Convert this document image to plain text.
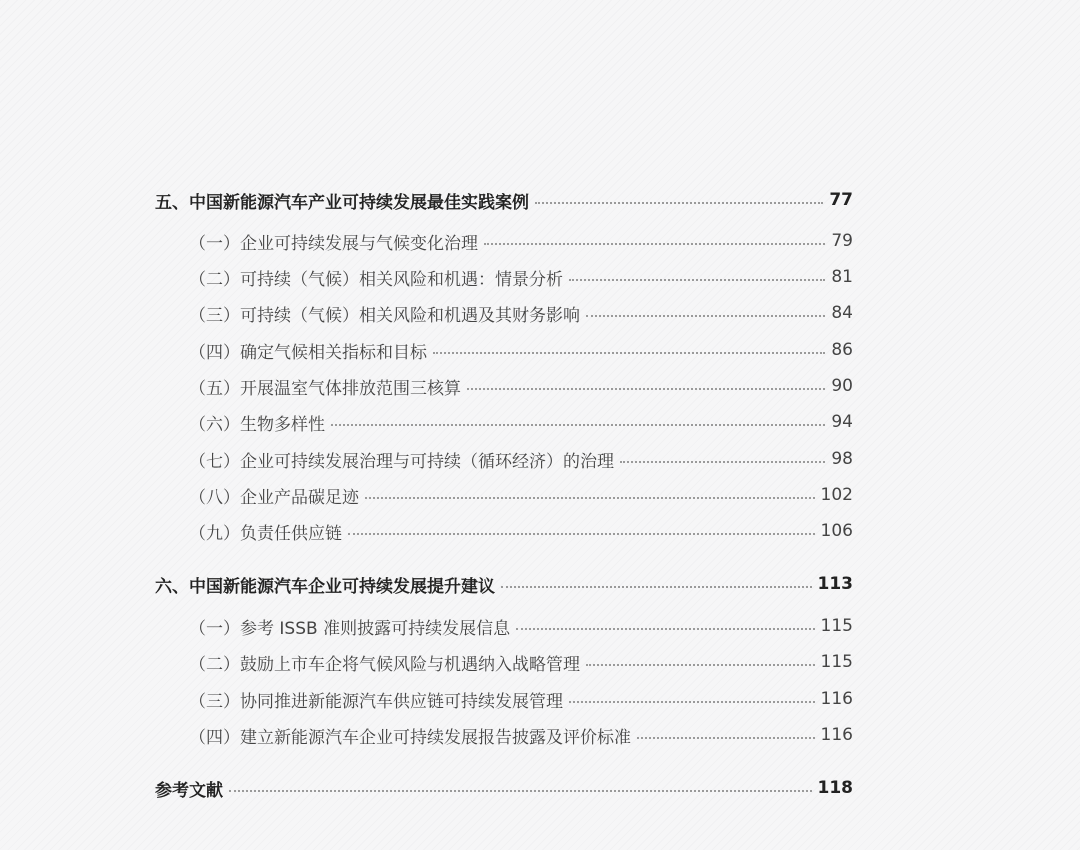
五、中国新能源汽车产业可持续发展最佳实践案例	77
（一）企业可持续发展与气候变化治理	79
（二）可持续（气候）相关风险和机遇：情景分析	81
（三）可持续（气候）相关风险和机遇及其财务影响	84
（四）确定气候相关指标和目标	86
（五）开展温室气体排放范围三核算	90
（六）生物多样性	94
（七）企业可持续发展治理与可持续（循环经济）的治理	98
（八）企业产品碳足迹	102
（九）负责任供应链	106
六、中国新能源汽车企业可持续发展提升建议	113
（一）参考 ISSB 准则披露可持续发展信息	115
（二）鼓励上市车企将气候风险与机遇纳入战略管理	115
（三）协同推进新能源汽车供应链可持续发展管理	116
（四）建立新能源汽车企业可持续发展报告披露及评价标准	116
参考文献	118
